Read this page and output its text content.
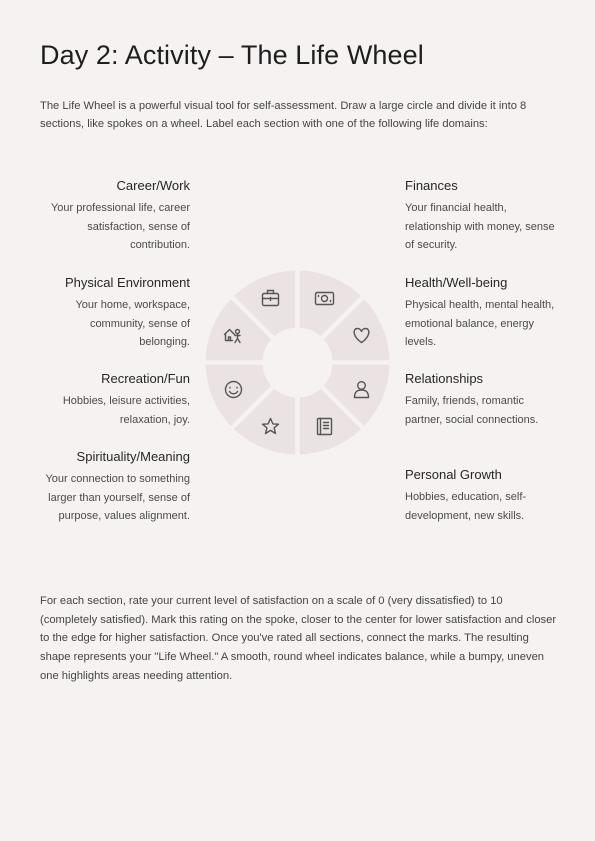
Day 2: Activity – The Life Wheel

The Life Wheel is a powerful visual tool for self-assessment. Draw a large circle and divide it into 8 sections, like spokes on a wheel. Label each section with one of the following life domains:

Career/Work

Your professional life, career satisfaction, sense of contribution.

Physical Environment

Your home, workspace, community, sense of belonging.

Recreation/Fun

Hobbies, leisure activities, relaxation, joy.

Spirituality/Meaning

Your connection to something larger than yourself, sense of purpose, values alignment.

Finances

Your financial health, relationship with money, sense of security.

Health/Well-being

Physical health, mental health, emotional balance, energy levels.

Relationships

Family, friends, romantic partner, social connections.

Personal Growth

Hobbies, education, self-development, new skills.

For each section, rate your current level of satisfaction on a scale of 0 (very dissatisfied) to 10 (completely satisfied). Mark this rating on the spoke, closer to the center for lower satisfaction and closer to the edge for higher satisfaction. Once you've rated all sections, connect the marks. The resulting shape represents your "Life Wheel." A smooth, round wheel indicates balance, while a bumpy, uneven one highlights areas needing attention.
